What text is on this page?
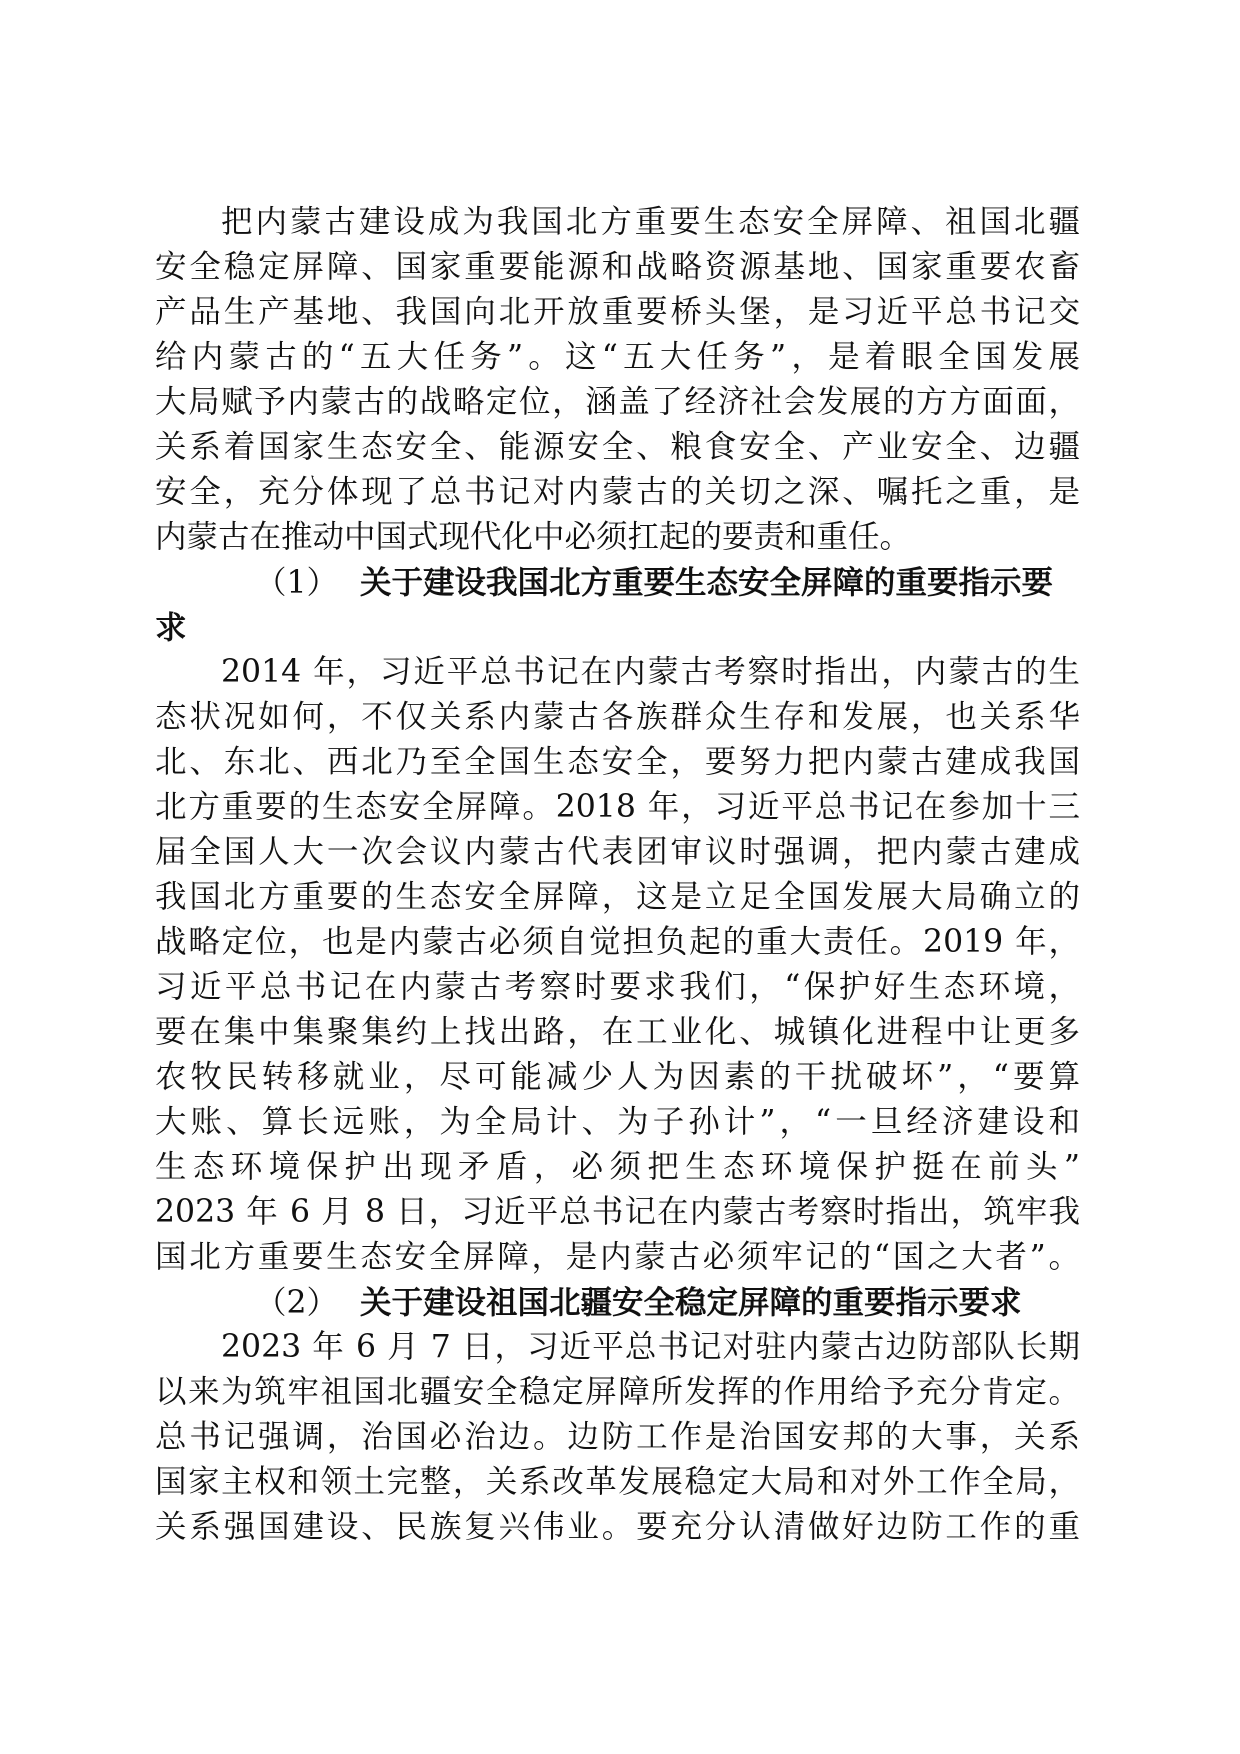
把内蒙古建设成为我国北方重要生态安全屏障、祖国北疆
安全稳定屏障、国家重要能源和战略资源基地、国家重要农畜
产品生产基地、我国向北开放重要桥头堡，是习近平总书记交
给内蒙古的“五大任务”。这“五大任务”，是着眼全国发展
大局赋予内蒙古的战略定位，涵盖了经济社会发展的方方面面，
关系着国家生态安全、能源安全、粮食安全、产业安全、边疆
安全，充分体现了总书记对内蒙古的关切之深、嘱托之重，是
内蒙古在推动中国式现代化中必须扛起的要责和重任。
（1） 关于建设我国北方重要生态安全屏障的重要指示要
求
2014 年，习近平总书记在内蒙古考察时指出，内蒙古的生
态状况如何，不仅关系内蒙古各族群众生存和发展，也关系华
北、东北、西北乃至全国生态安全，要努力把内蒙古建成我国
北方重要的生态安全屏障。2018 年，习近平总书记在参加十三
届全国人大一次会议内蒙古代表团审议时强调，把内蒙古建成
我国北方重要的生态安全屏障，这是立足全国发展大局确立的
战略定位，也是内蒙古必须自觉担负起的重大责任。2019 年，
习近平总书记在内蒙古考察时要求我们，“保护好生态环境，
要在集中集聚集约上找出路，在工业化、城镇化进程中让更多
农牧民转移就业，尽可能减少人为因素的干扰破坏”，“要算
大账、算长远账，为全局计、为子孙计”，“一旦经济建设和
生态环境保护出现矛盾，必须把生态环境保护挺在前头”
2023 年 6 月 8 日，习近平总书记在内蒙古考察时指出，筑牢我
国北方重要生态安全屏障，是内蒙古必须牢记的“国之大者”。
（2） 关于建设祖国北疆安全稳定屏障的重要指示要求
2023 年 6 月 7 日，习近平总书记对驻内蒙古边防部队长期
以来为筑牢祖国北疆安全稳定屏障所发挥的作用给予充分肯定。
总书记强调，治国必治边。边防工作是治国安邦的大事，关系
国家主权和领土完整，关系改革发展稳定大局和对外工作全局，
关系强国建设、民族复兴伟业。要充分认清做好边防工作的重
